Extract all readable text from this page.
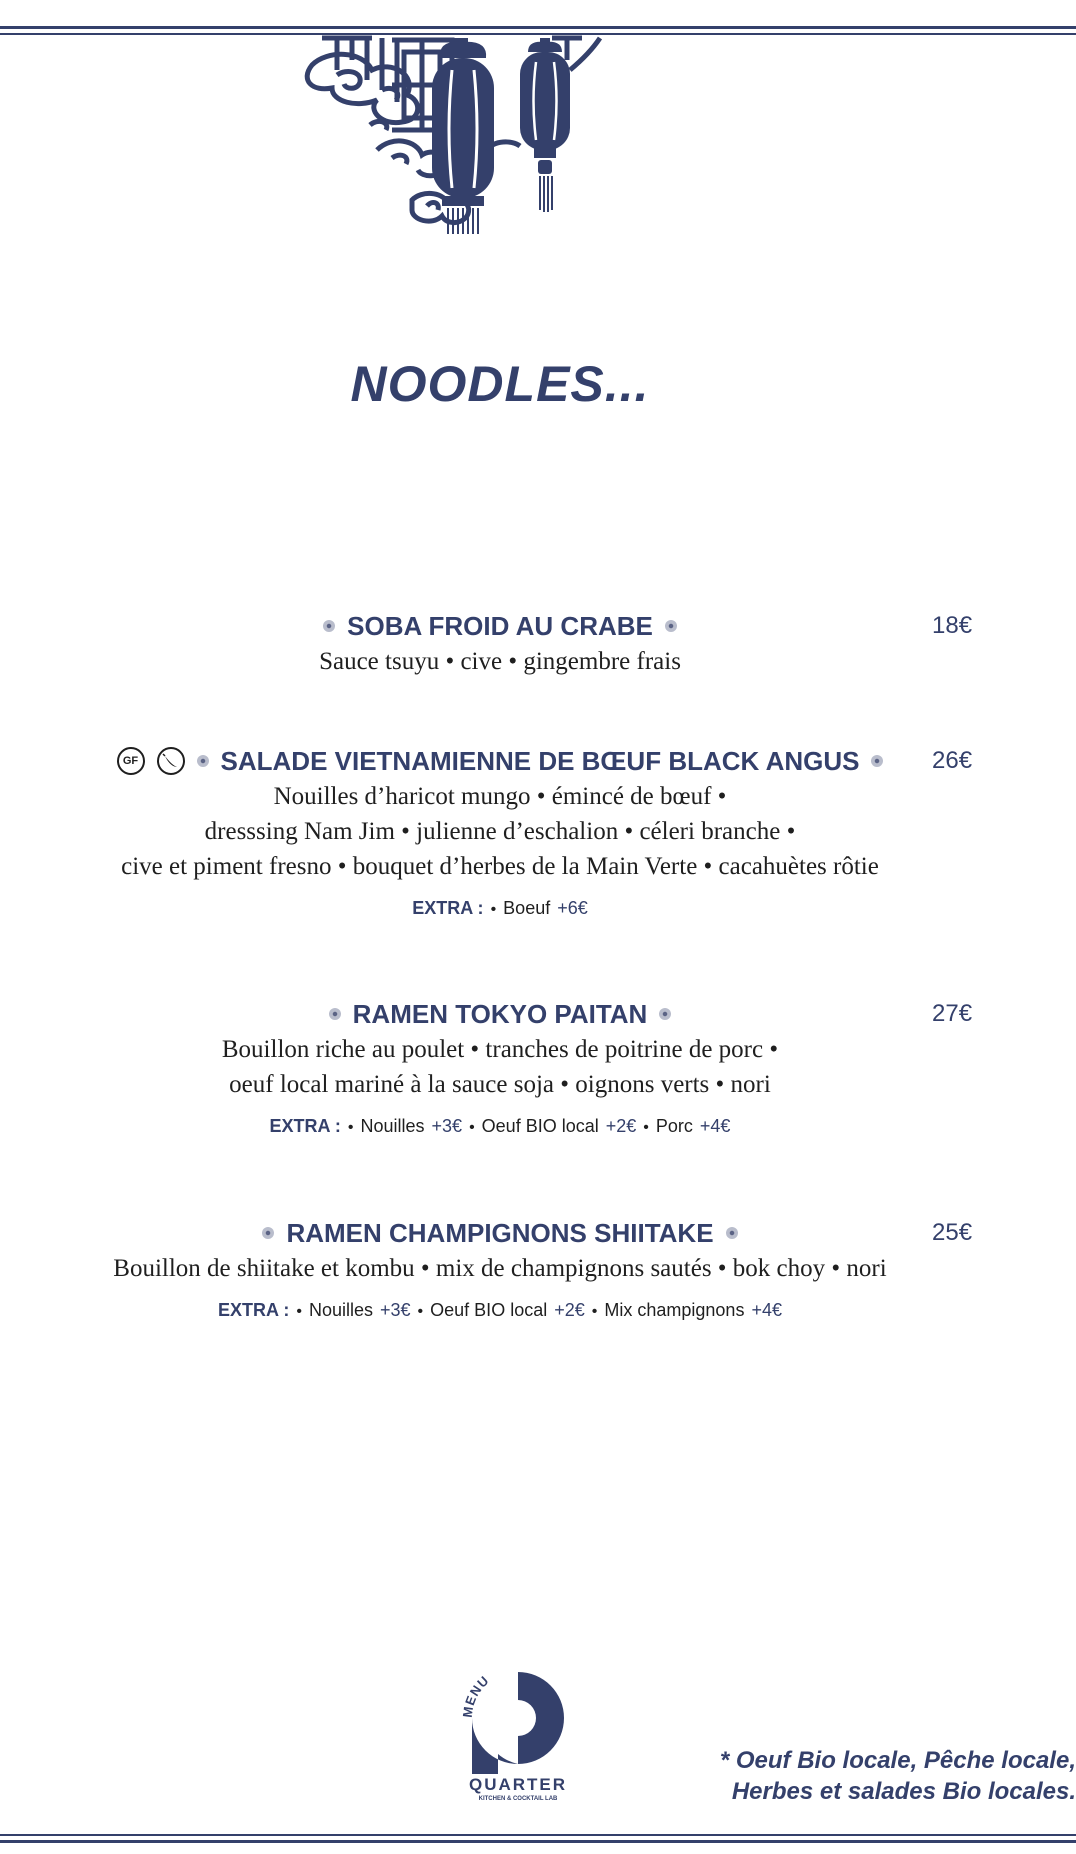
NOODLES...
SOBA FROID AU CRABE	18€
Sauce tsuyu • cive • gingembre frais
GF	SALADE VIETNAMIENNE DE BŒUF BLACK ANGUS	26€
Nouilles d’haricot mungo • émincé de bœuf •
dresssing Nam Jim • julienne d’eschalion • céleri branche •
cive et piment fresno • bouquet d’herbes de la Main Verte • cacahuètes rôtie
EXTRA : • Boeuf +6€
RAMEN TOKYO PAITAN	27€
Bouillon riche au poulet • tranches de poitrine de porc •
oeuf local mariné à la sauce soja • oignons verts • nori
EXTRA : • Nouilles +3€ • Oeuf BIO local +2€ • Porc +4€
RAMEN CHAMPIGNONS SHIITAKE	25€
Bouillon de shiitake et kombu • mix de champignons sautés • bok choy • nori
EXTRA : • Nouilles +3€ • Oeuf BIO local +2€ • Mix champignons +4€
MENU
QUARTER
KITCHEN & COCKTAIL LAB
* Oeuf Bio locale, Pêche locale,
Herbes et salades Bio locales.
